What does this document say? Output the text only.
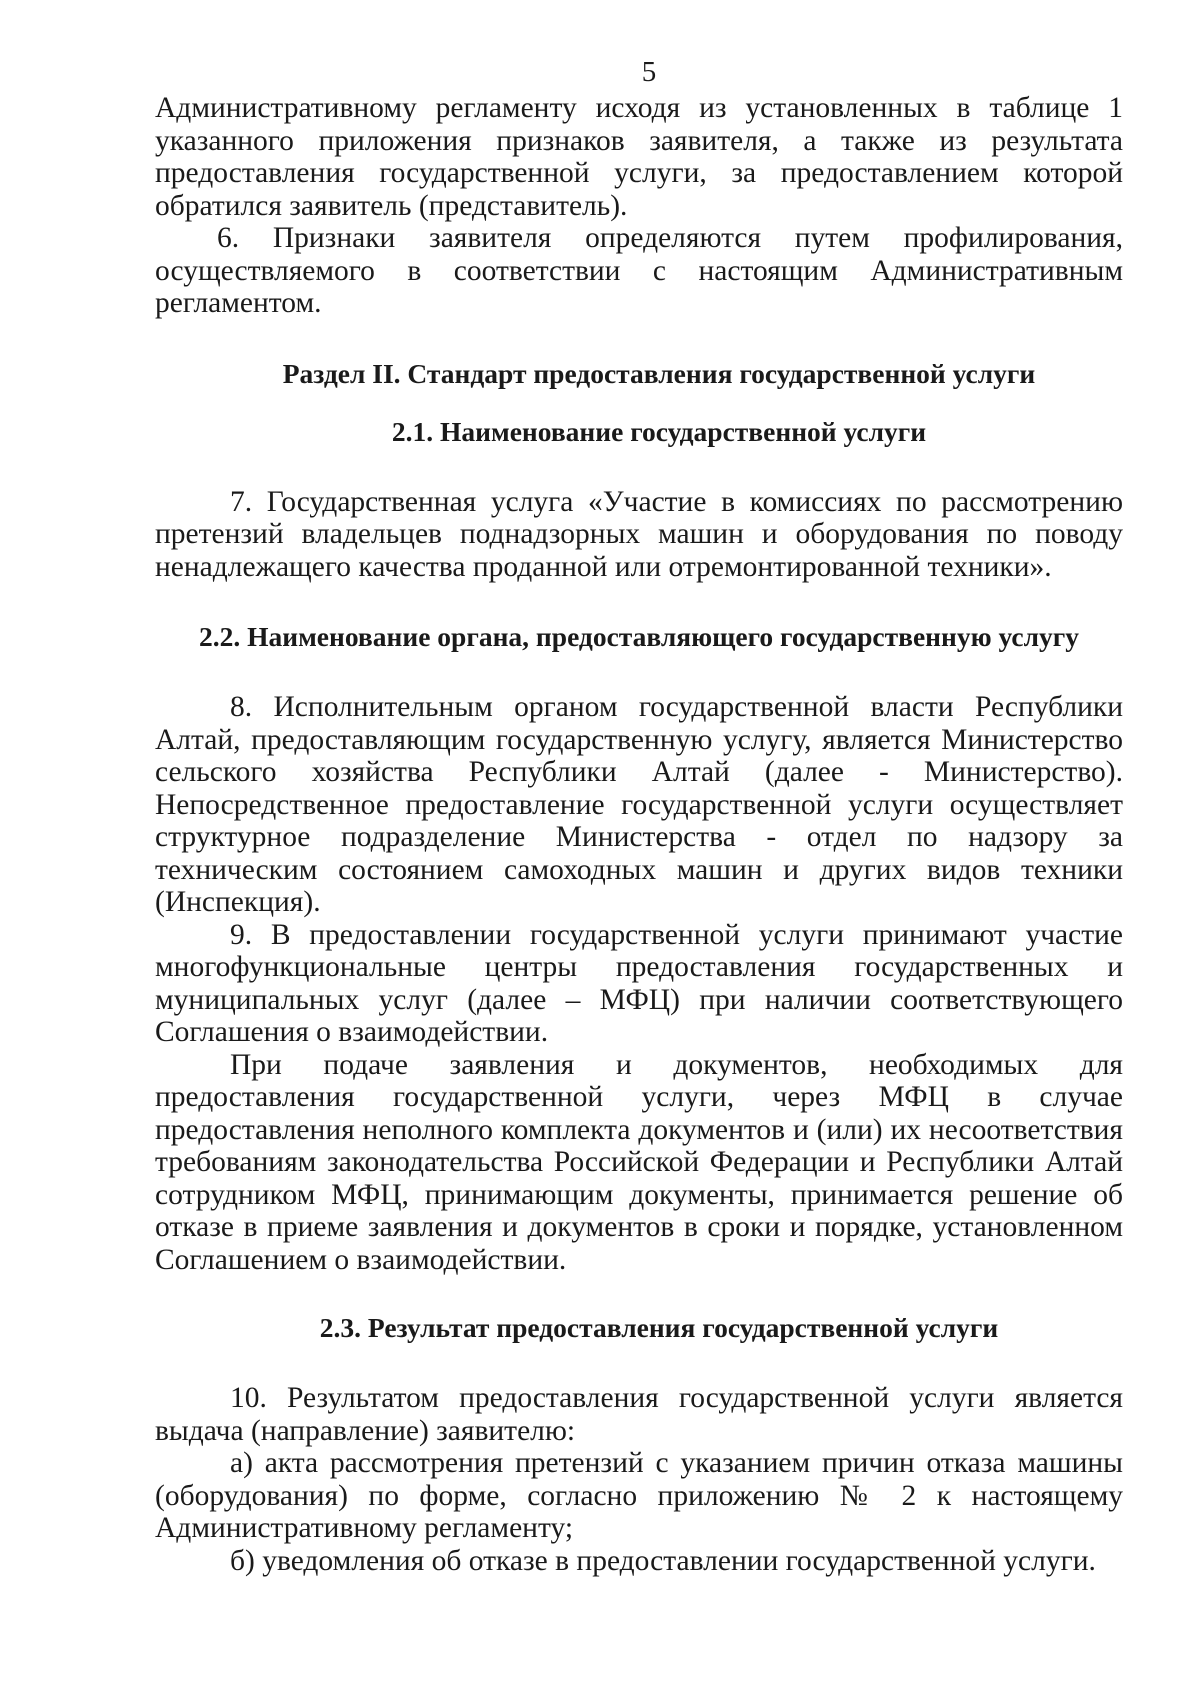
5

Административному регламенту исходя из установленных в таблице 1 указанного приложения признаков заявителя, а также из результата предоставления государственной услуги, за предоставлением которой обратился заявитель (представитель).

6. Признаки заявителя определяются путем профилирования, осуществляемого в соответствии с настоящим Административным регламентом.

Раздел II. Стандарт предоставления государственной услуги
2.1. Наименование государственной услуги

7. Государственная услуга «Участие в комиссиях по рассмотрению претензий владельцев поднадзорных машин и оборудования по поводу ненадлежащего качества проданной или отремонтированной техники».

2.2. Наименование органа, предоставляющего государственную услугу

8. Исполнительным органом государственной власти Республики Алтай, предоставляющим государственную услугу, является Министерство сельского хозяйства Республики Алтай (далее - Министерство). Непосредственное предоставление государственной услуги осуществляет структурное подразделение Министерства - отдел по надзору за техническим состоянием самоходных машин и других видов техники (Инспекция).

9. В предоставлении государственной услуги принимают участие многофункциональные центры предоставления государственных и муниципальных услуг (далее – МФЦ) при наличии соответствующего Соглашения о взаимодействии.

При подаче заявления и документов, необходимых для предоставления государственной услуги, через МФЦ в случае предоставления неполного комплекта документов и (или) их несоответствия требованиям законодательства Российской Федерации и Республики Алтай сотрудником МФЦ, принимающим документы, принимается решение об отказе в приеме заявления и документов в сроки и порядке, установленном Соглашением о взаимодействии.

2.3. Результат предоставления государственной услуги

10. Результатом предоставления государственной услуги является выдача (направление) заявителю:

а) акта рассмотрения претензий с указанием причин отказа машины (оборудования) по форме, согласно приложению № 2 к настоящему Административному регламенту;

б) уведомления об отказе в предоставлении государственной услуги.
